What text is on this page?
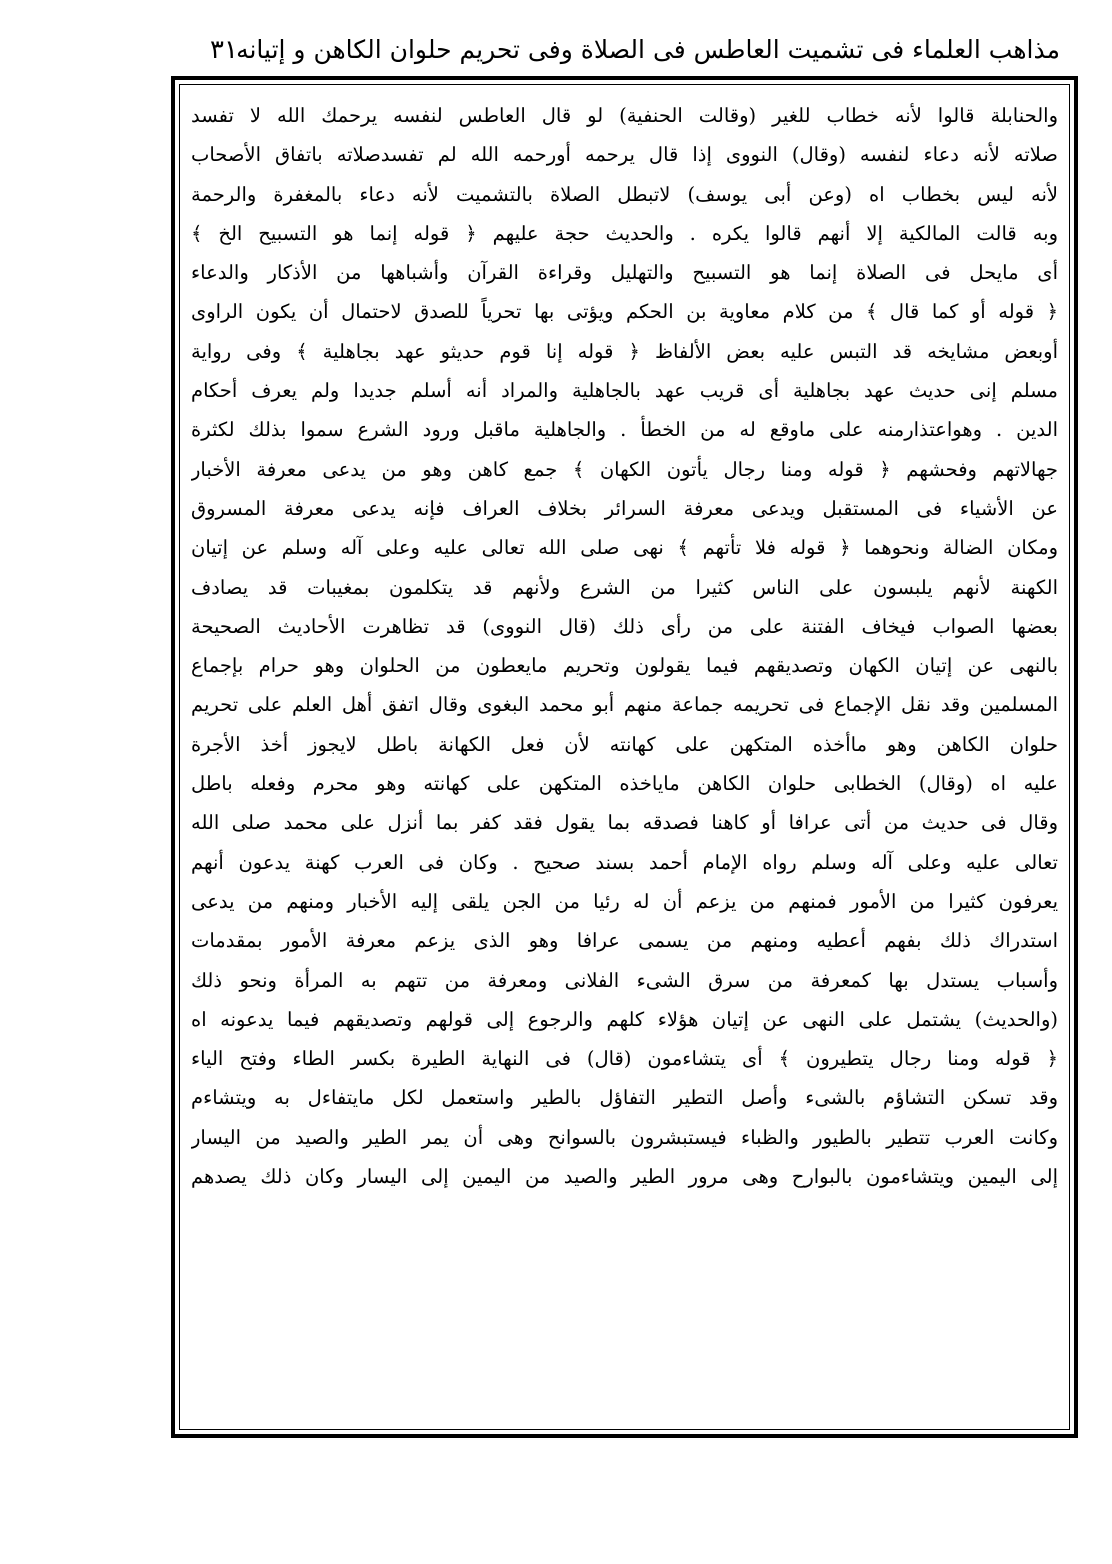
مذاهب العلماء فى تشميت العاطس فى الصلاة وفى تحريم حلوان الكاهن و إتيانه
٣١
والحنابلة قالوا لأنه خطاب للغير (وقالت الحنفية) لو قال العاطس لنفسه يرحمك الله لا تفسد
صلاته لأنه دعاء لنفسه (وقال) النووى إذا قال يرحمه أورحمه الله لم تفسدصلاته باتفاق الأصحاب
لأنه ليس بخطاب اه (وعن أبى يوسف) لاتبطل الصلاة بالتشميت لأنه دعاء بالمغفرة والرحمة
وبه قالت المالكية إلا أنهم قالوا يكره . والحديث حجة عليهم ﴿ قوله إنما هو التسبيح الخ ﴾
أى مايحل فى الصلاة إنما هو التسبيح والتهليل وقراءة القرآن وأشباهها من الأذكار والدعاء
﴿ قوله أو كما قال ﴾ من كلام معاوية بن الحكم ويؤتى بها تحرياً للصدق لاحتمال أن يكون الراوى
أوبعض مشايخه قد التبس عليه بعض الألفاظ ﴿ قوله إنا قوم حديثو عهد بجاهلية ﴾ وفى رواية
مسلم إنى حديث عهد بجاهلية أى قريب عهد بالجاهلية والمراد أنه أسلم جديدا ولم يعرف أحكام
الدين . وهواعتذارمنه على ماوقع له من الخطأ . والجاهلية ماقبل ورود الشرع سموا بذلك لكثرة
جهالاتهم وفحشهم ﴿ قوله ومنا رجال يأتون الكهان ﴾ جمع كاهن وهو من يدعى معرفة الأخبار
عن الأشياء فى المستقبل ويدعى معرفة السرائر بخلاف العراف فإنه يدعى معرفة المسروق
ومكان الضالة ونحوهما ﴿ قوله فلا تأتهم ﴾ نهى صلى الله تعالى عليه وعلى آله وسلم عن إتيان
الكهنة لأنهم يلبسون على الناس كثيرا من الشرع ولأنهم قد يتكلمون بمغيبات قد يصادف
بعضها الصواب فيخاف الفتنة على من رأى ذلك (قال النووى) قد تظاهرت الأحاديث الصحيحة
بالنهى عن إتيان الكهان وتصديقهم فيما يقولون وتحريم مايعطون من الحلوان وهو حرام بإجماع
المسلمين وقد نقل الإجماع فى تحريمه جماعة منهم أبو محمد البغوى وقال اتفق أهل العلم على تحريم
حلوان الكاهن وهو ماأخذه المتكهن على كهانته لأن فعل الكهانة باطل لايجوز أخذ الأجرة
عليه اه (وقال) الخطابى حلوان الكاهن ماياخذه المتكهن على كهانته وهو محرم وفعله باطل
وقال فى حديث من أتى عرافا أو كاهنا فصدقه بما يقول فقد كفر بما أنزل على محمد صلى الله
تعالى عليه وعلى آله وسلم رواه الإمام أحمد بسند صحيح . وكان فى العرب كهنة يدعون أنهم
يعرفون كثيرا من الأمور فمنهم من يزعم أن له رئيا من الجن يلقى إليه الأخبار ومنهم من يدعى
استدراك ذلك بفهم أعطيه ومنهم من يسمى عرافا وهو الذى يزعم معرفة الأمور بمقدمات
وأسباب يستدل بها كمعرفة من سرق الشىء الفلانى ومعرفة من تتهم به المرأة ونحو ذلك
(والحديث) يشتمل على النهى عن إتيان هؤلاء كلهم والرجوع إلى قولهم وتصديقهم فيما يدعونه اه
﴿ قوله ومنا رجال يتطيرون ﴾ أى يتشاءمون (قال) فى النهاية الطيرة بكسر الطاء وفتح الياء
وقد تسكن التشاؤم بالشىء وأصل التطير التفاؤل بالطير واستعمل لكل مايتفاءل به ويتشاءم
وكانت العرب تتطير بالطيور والظباء فيستبشرون بالسوانح وهى أن يمر الطير والصيد من اليسار
إلى اليمين ويتشاءمون بالبوارح وهى مرور الطير والصيد من اليمين إلى اليسار وكان ذلك يصدهم
